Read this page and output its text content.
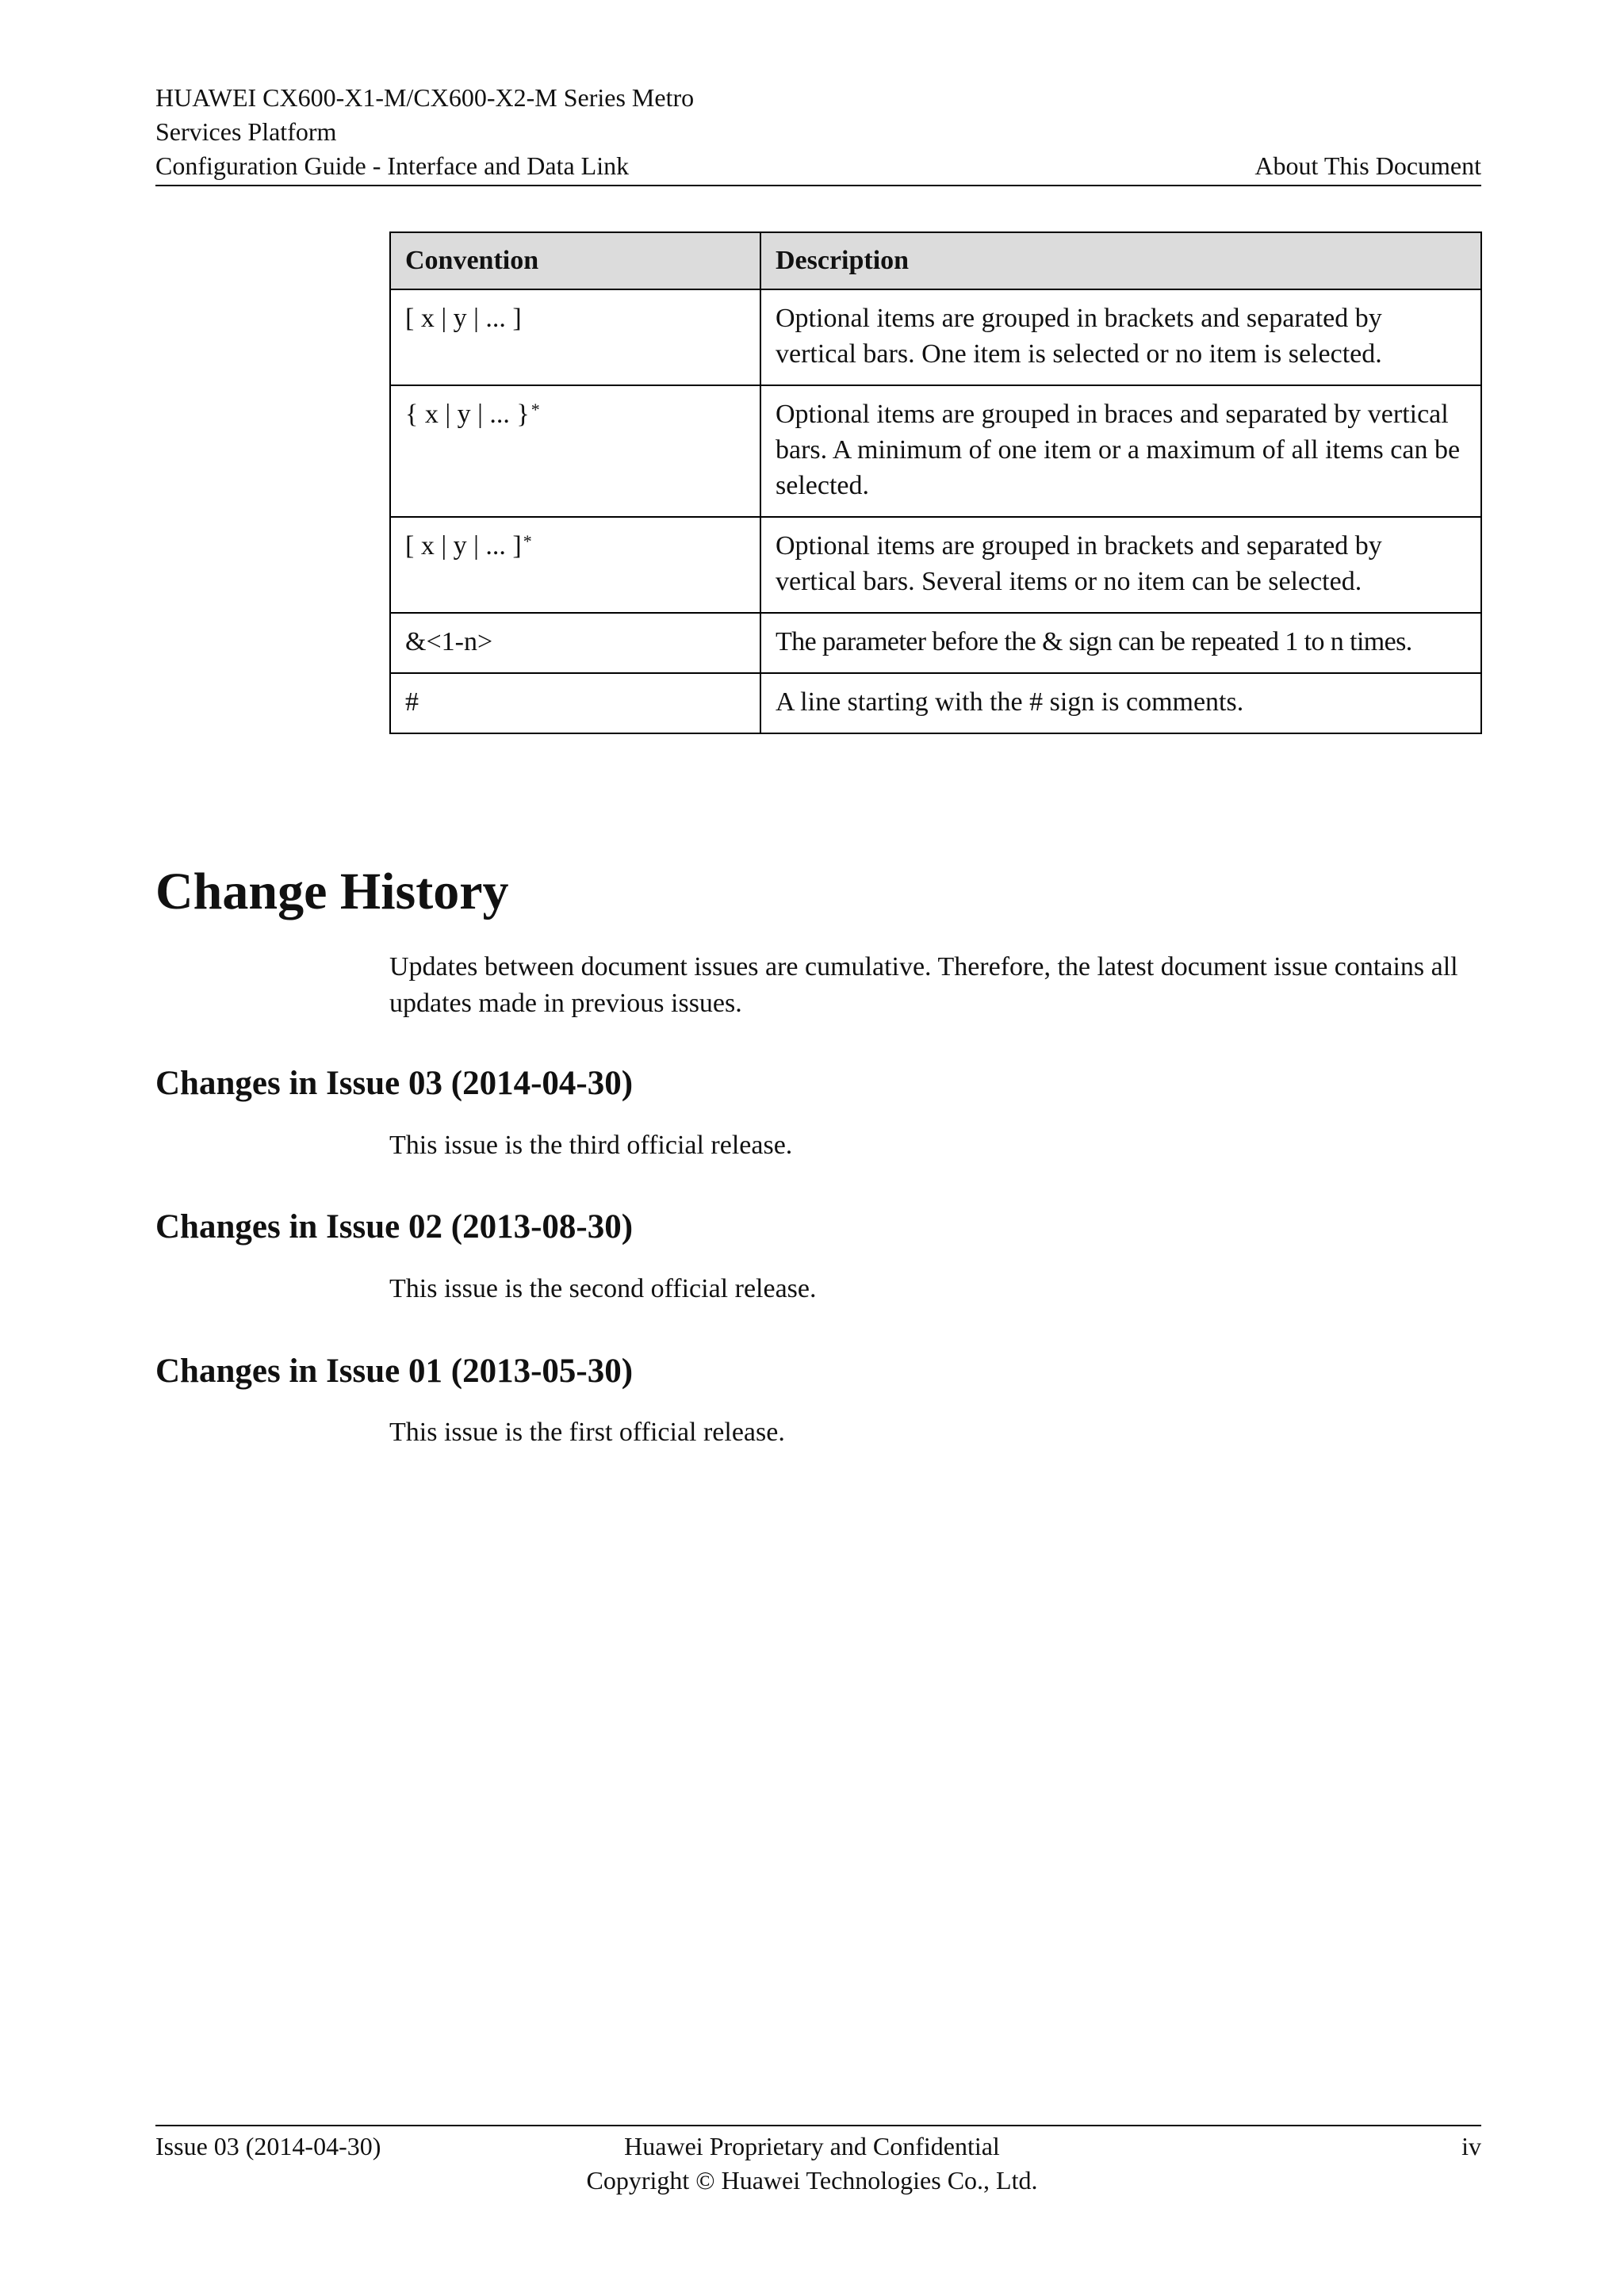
HUAWEI CX600-X1-M/CX600-X2-M Series Metro
Services Platform
Configuration Guide - Interface and Data Link	About This Document
Convention	Description
[ x | y | ... ]	Optional items are grouped in brackets and separated by vertical bars. One item is selected or no item is selected.
{ x | y | ... }*	Optional items are grouped in braces and separated by vertical bars. A minimum of one item or a maximum of all items can be selected.
[ x | y | ... ]*	Optional items are grouped in brackets and separated by vertical bars. Several items or no item can be selected.
&<1-n>	The parameter before the & sign can be repeated 1 to n times.
#	A line starting with the # sign is comments.
Change History
Updates between document issues are cumulative. Therefore, the latest document issue contains all updates made in previous issues.
Changes in Issue 03 (2014-04-30)
This issue is the third official release.
Changes in Issue 02 (2013-08-30)
This issue is the second official release.
Changes in Issue 01 (2013-05-30)
This issue is the first official release.
Issue 03 (2014-04-30)	Huawei Proprietary and Confidential
Copyright © Huawei Technologies Co., Ltd.
iv
